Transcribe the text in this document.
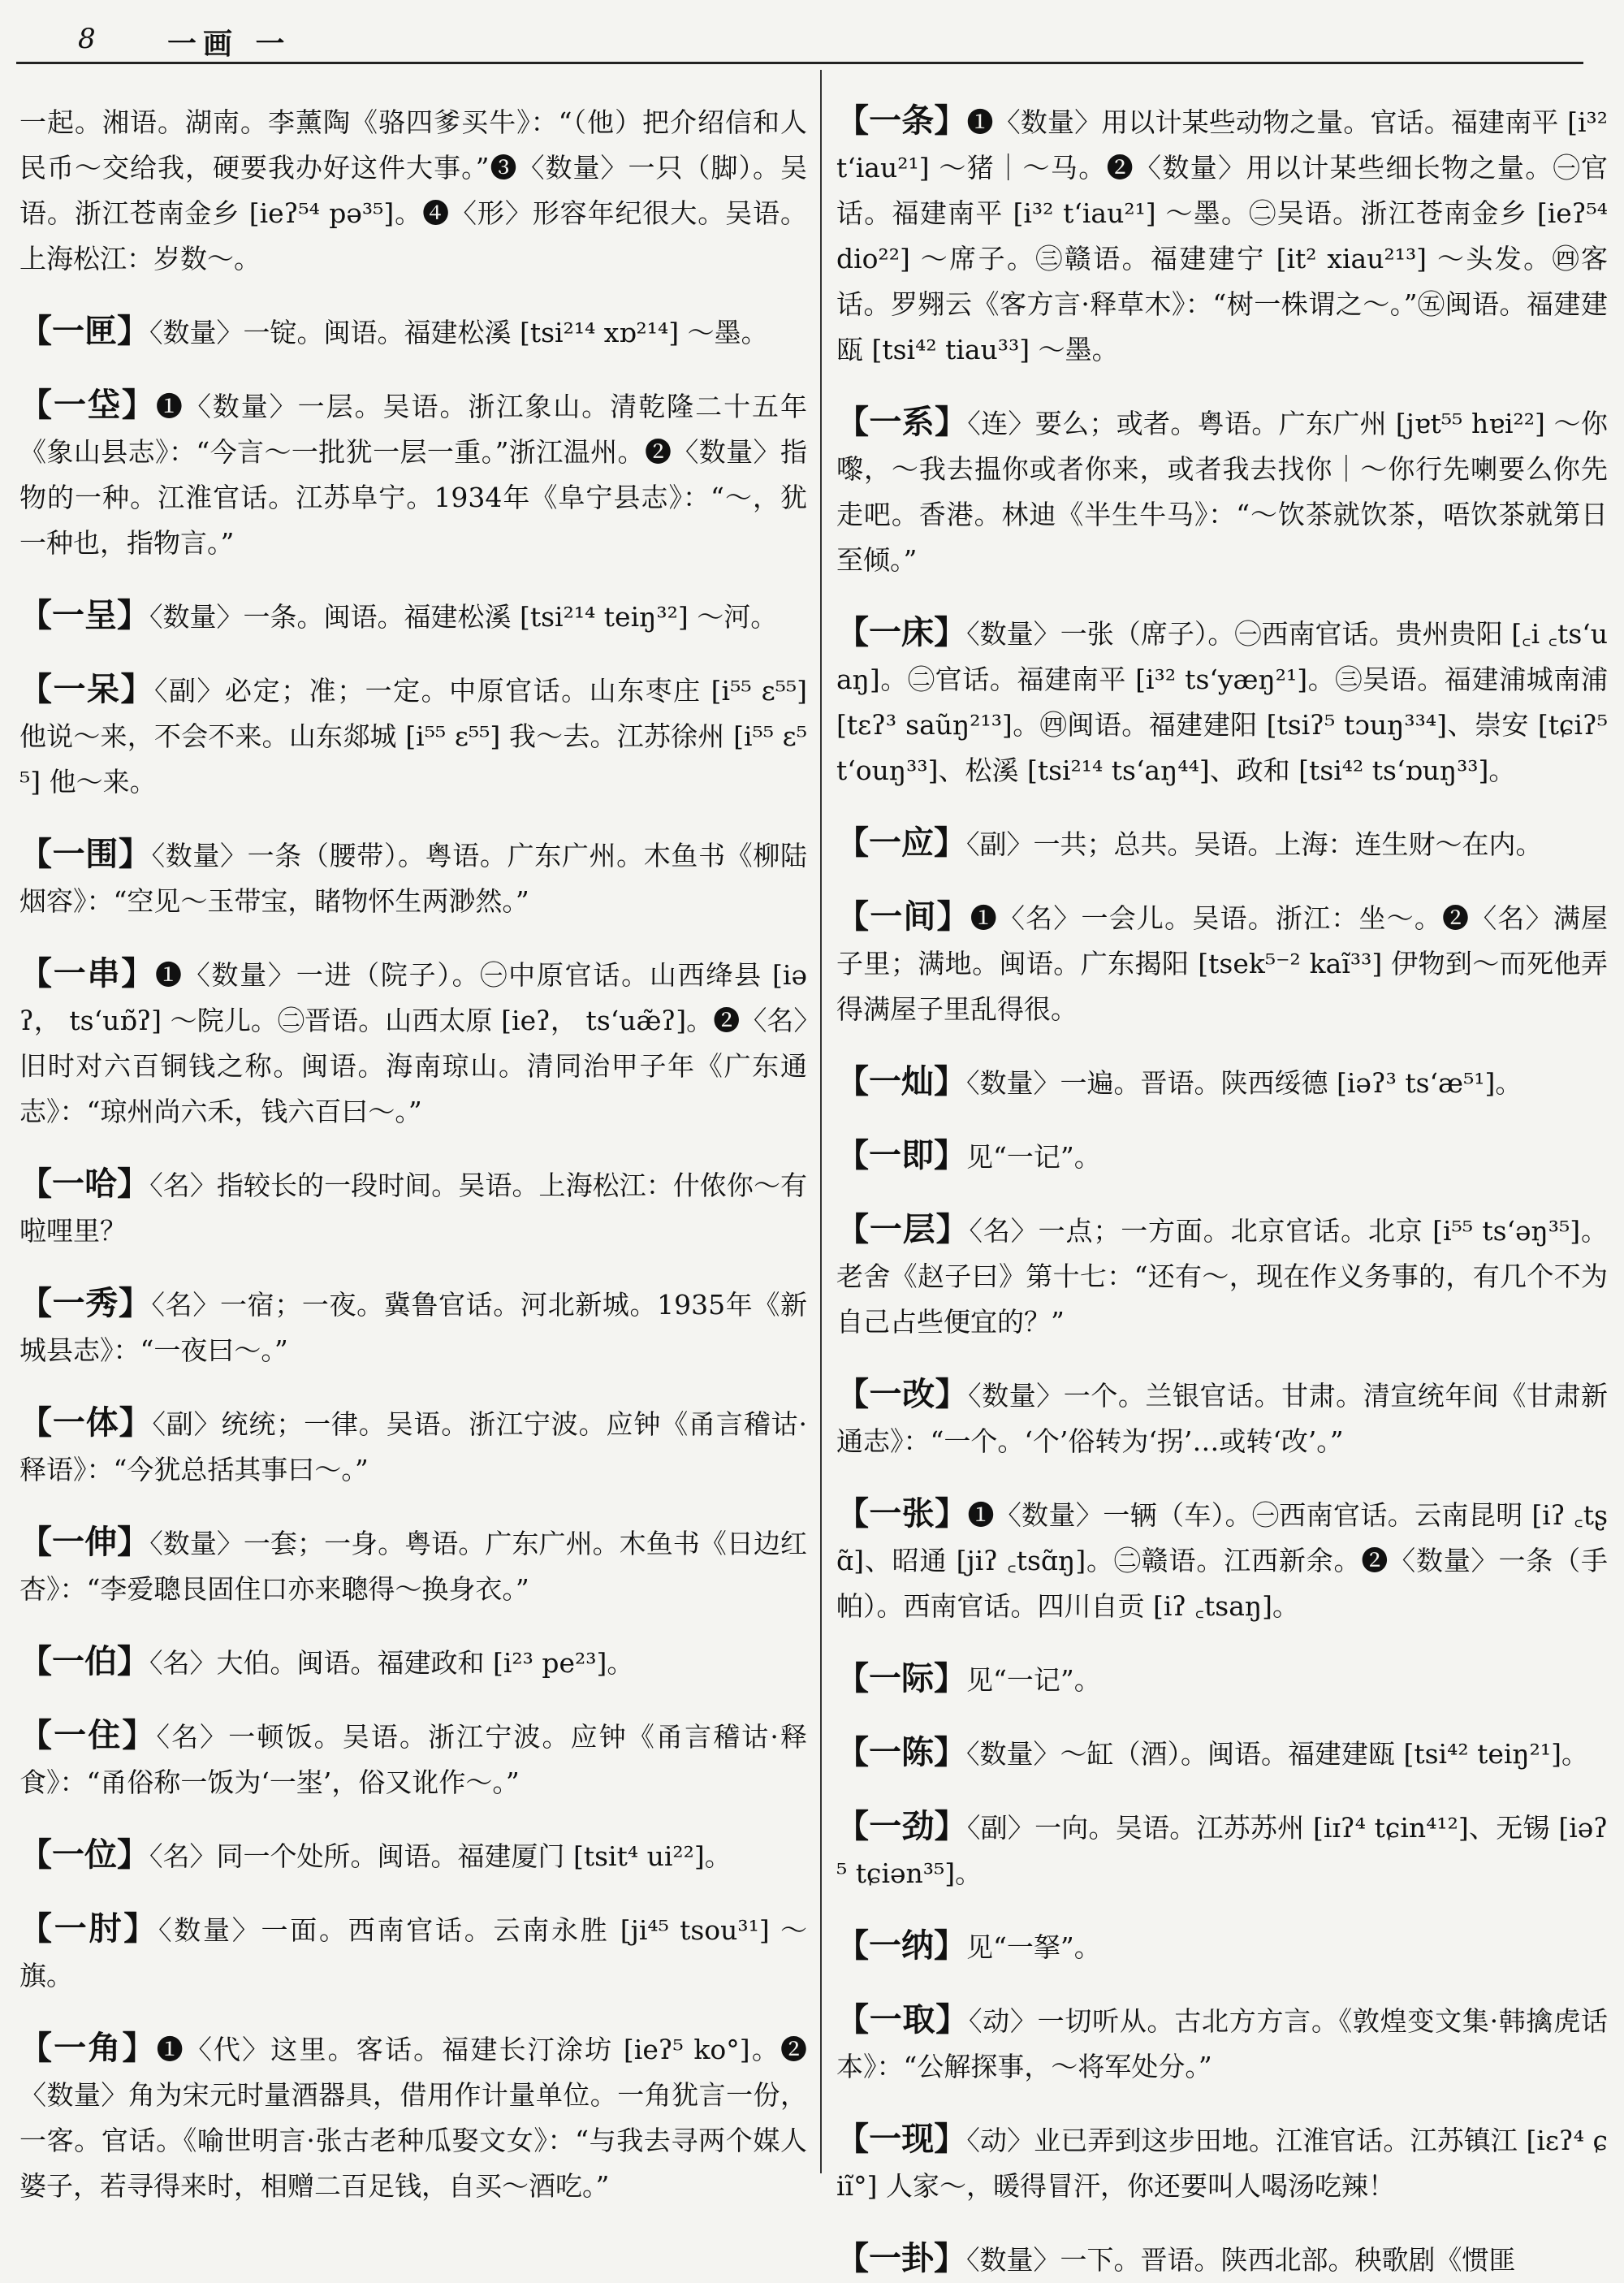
8 一画 一

一起。湘语。湖南。李薰陶《骆四爹买牛》：“（他）把介绍信和人民币～交给我，硬要我办好这件大事。”❸〈数量〉一只（脚）。吴语。浙江苍南金乡 [ieʔ⁵⁴ pə³⁵]。❹〈形〉形容年纪很大。吴语。上海松江：岁数～。

【一匣】〈数量〉一锭。闽语。福建松溪 [tsi²¹⁴ xɒ²¹⁴] ～墨。

【一垈】❶〈数量〉一层。吴语。浙江象山。清乾隆二十五年《象山县志》：“今言～一批犹一层一重。”浙江温州。❷〈数量〉指物的一种。江淮官话。江苏阜宁。1934年《阜宁县志》：“～，犹一种也，指物言。”

【一呈】〈数量〉一条。闽语。福建松溪 [tsi²¹⁴ teiŋ³²] ～河。

【一呆】〈副〉必定；准；一定。中原官话。山东枣庄 [i⁵⁵ ɛ⁵⁵] 他说～来，不会不来。山东郯城 [i⁵⁵ ɛ⁵⁵] 我～去。江苏徐州 [i⁵⁵ ɛ⁵⁵] 他～来。

【一围】〈数量〉一条（腰带）。粤语。广东广州。木鱼书《柳陆烟容》：“空见～玉带宝，睹物怀生两渺然。”

【一串】❶〈数量〉一进（院子）。㊀中原官话。山西绛县 [iəʔ， tsʻuɒ̃ʔ] ～院儿。㊁晋语。山西太原 [ieʔ， tsʻuæ̃ʔ]。❷〈名〉旧时对六百铜钱之称。闽语。海南琼山。清同治甲子年《广东通志》：“琼州尚六禾，钱六百曰～。”

【一哈】〈名〉指较长的一段时间。吴语。上海松江：什侬你～有啦哩里？

【一秀】〈名〉一宿；一夜。冀鲁官话。河北新城。1935年《新城县志》：“一夜曰～。”

【一体】〈副〉统统；一律。吴语。浙江宁波。应钟《甬言稽诂·释语》：“今犹总括其事曰～。”

【一伸】〈数量〉一套；一身。粤语。广东广州。木鱼书《日边红杏》：“李爱聰艮固住口亦来聰得～换身衣。”

【一伯】〈名〉大伯。闽语。福建政和 [i²³ pe²³]。

【一住】〈名〉一顿饭。吴语。浙江宁波。应钟《甬言稽诂·释食》：“甬俗称一饭为‘一埊’，俗又讹作～。”

【一位】〈名〉同一个处所。闽语。福建厦门 [tsit⁴ ui²²]。

【一肘】〈数量〉一面。西南官话。云南永胜 [ji⁴⁵ tsou³¹] ～旗。

【一角】❶〈代〉这里。客话。福建长汀涂坊 [ieʔ⁵ ko°]。❷〈数量〉角为宋元时量酒器具，借用作计量单位。一角犹言一份，一客。官话。《喻世明言·张古老种瓜娶文女》：“与我去寻两个媒人婆子，若寻得来时，相赠二百足钱，自买～酒吃。”

【一条】❶〈数量〉用以计某些动物之量。官话。福建南平 [i³² tʻiau²¹] ～猪｜～马。❷〈数量〉用以计某些细长物之量。㊀官话。福建南平 [i³² tʻiau²¹] ～墨。㊁吴语。浙江苍南金乡 [ieʔ⁵⁴ dio²²] ～席子。㊂赣语。福建建宁 [it² xiau²¹³] ～头发。㊃客话。罗翙云《客方言·释草木》：“树一株谓之～。”㊄闽语。福建建瓯 [tsi⁴² tiau³³] ～墨。

【一系】〈连〉要么；或者。粤语。广东广州 [jɐt⁵⁵ hɐi²²] ～你嚟，～我去揾你或者你来，或者我去找你｜～你行先喇要么你先走吧。香港。林迪《半生牛马》：“～饮茶就饮茶，唔饮茶就第日至倾。”

【一床】〈数量〉一张（席子）。㊀西南官话。贵州贵阳 [꜀i ꜀tsʻuaŋ]。㊁官话。福建南平 [i³² tsʻyæŋ²¹]。㊂吴语。福建浦城南浦 [tɛʔ³ saũŋ²¹³]。㊃闽语。福建建阳 [tsiʔ⁵ tɔuŋ³³⁴]、崇安 [tɕiʔ⁵ tʻouŋ³³]、松溪 [tsi²¹⁴ tsʻaŋ⁴⁴]、政和 [tsi⁴² tsʻɒuŋ³³]。

【一应】〈副〉一共；总共。吴语。上海：连生财～在内。

【一间】❶〈名〉一会儿。吴语。浙江：坐～。❷〈名〉满屋子里；满地。闽语。广东揭阳 [tsek⁵⁻² kaĩ³³] 伊物到～而死他弄得满屋子里乱得很。

【一灿】〈数量〉一遍。晋语。陕西绥德 [iəʔ³ tsʻæ⁵¹]。

【一即】见“一记”。

【一层】〈名〉一点；一方面。北京官话。北京 [i⁵⁵ tsʻəŋ³⁵]。老舍《赵子曰》第十七：“还有～，现在作义务事的，有几个不为自己占些便宜的？”

【一改】〈数量〉一个。兰银官话。甘肃。清宣统年间《甘肃新通志》：“一个。‘个’俗转为‘拐’…或转‘改’。”

【一张】❶〈数量〉一辆（车）。㊀西南官话。云南昆明 [iʔ ꜀tʂɑ̃]、昭通 [jiʔ ꜀tsɑ̃ŋ]。㊁赣语。江西新余。❷〈数量〉一条（手帕）。西南官话。四川自贡 [iʔ ꜀tsaŋ]。

【一际】见“一记”。

【一陈】〈数量〉～缸（酒）。闽语。福建建瓯 [tsi⁴² teiŋ²¹]。

【一劲】〈副〉一向。吴语。江苏苏州 [iɪʔ⁴ tɕin⁴¹²]、无锡 [iəʔ⁵ tɕiən³⁵]。

【一纳】见“一拏”。

【一取】〈动〉一切听从。古北方方言。《敦煌变文集·韩擒虎话本》：“公解探事，～将军处分。”

【一现】〈动〉业已弄到这步田地。江淮官话。江苏镇江 [iɛʔ⁴ ɕiĩ°] 人家～，暖得冒汗，你还要叫人喝汤吃辣！

【一卦】〈数量〉一下。晋语。陕西北部。秧歌剧《惯匪
